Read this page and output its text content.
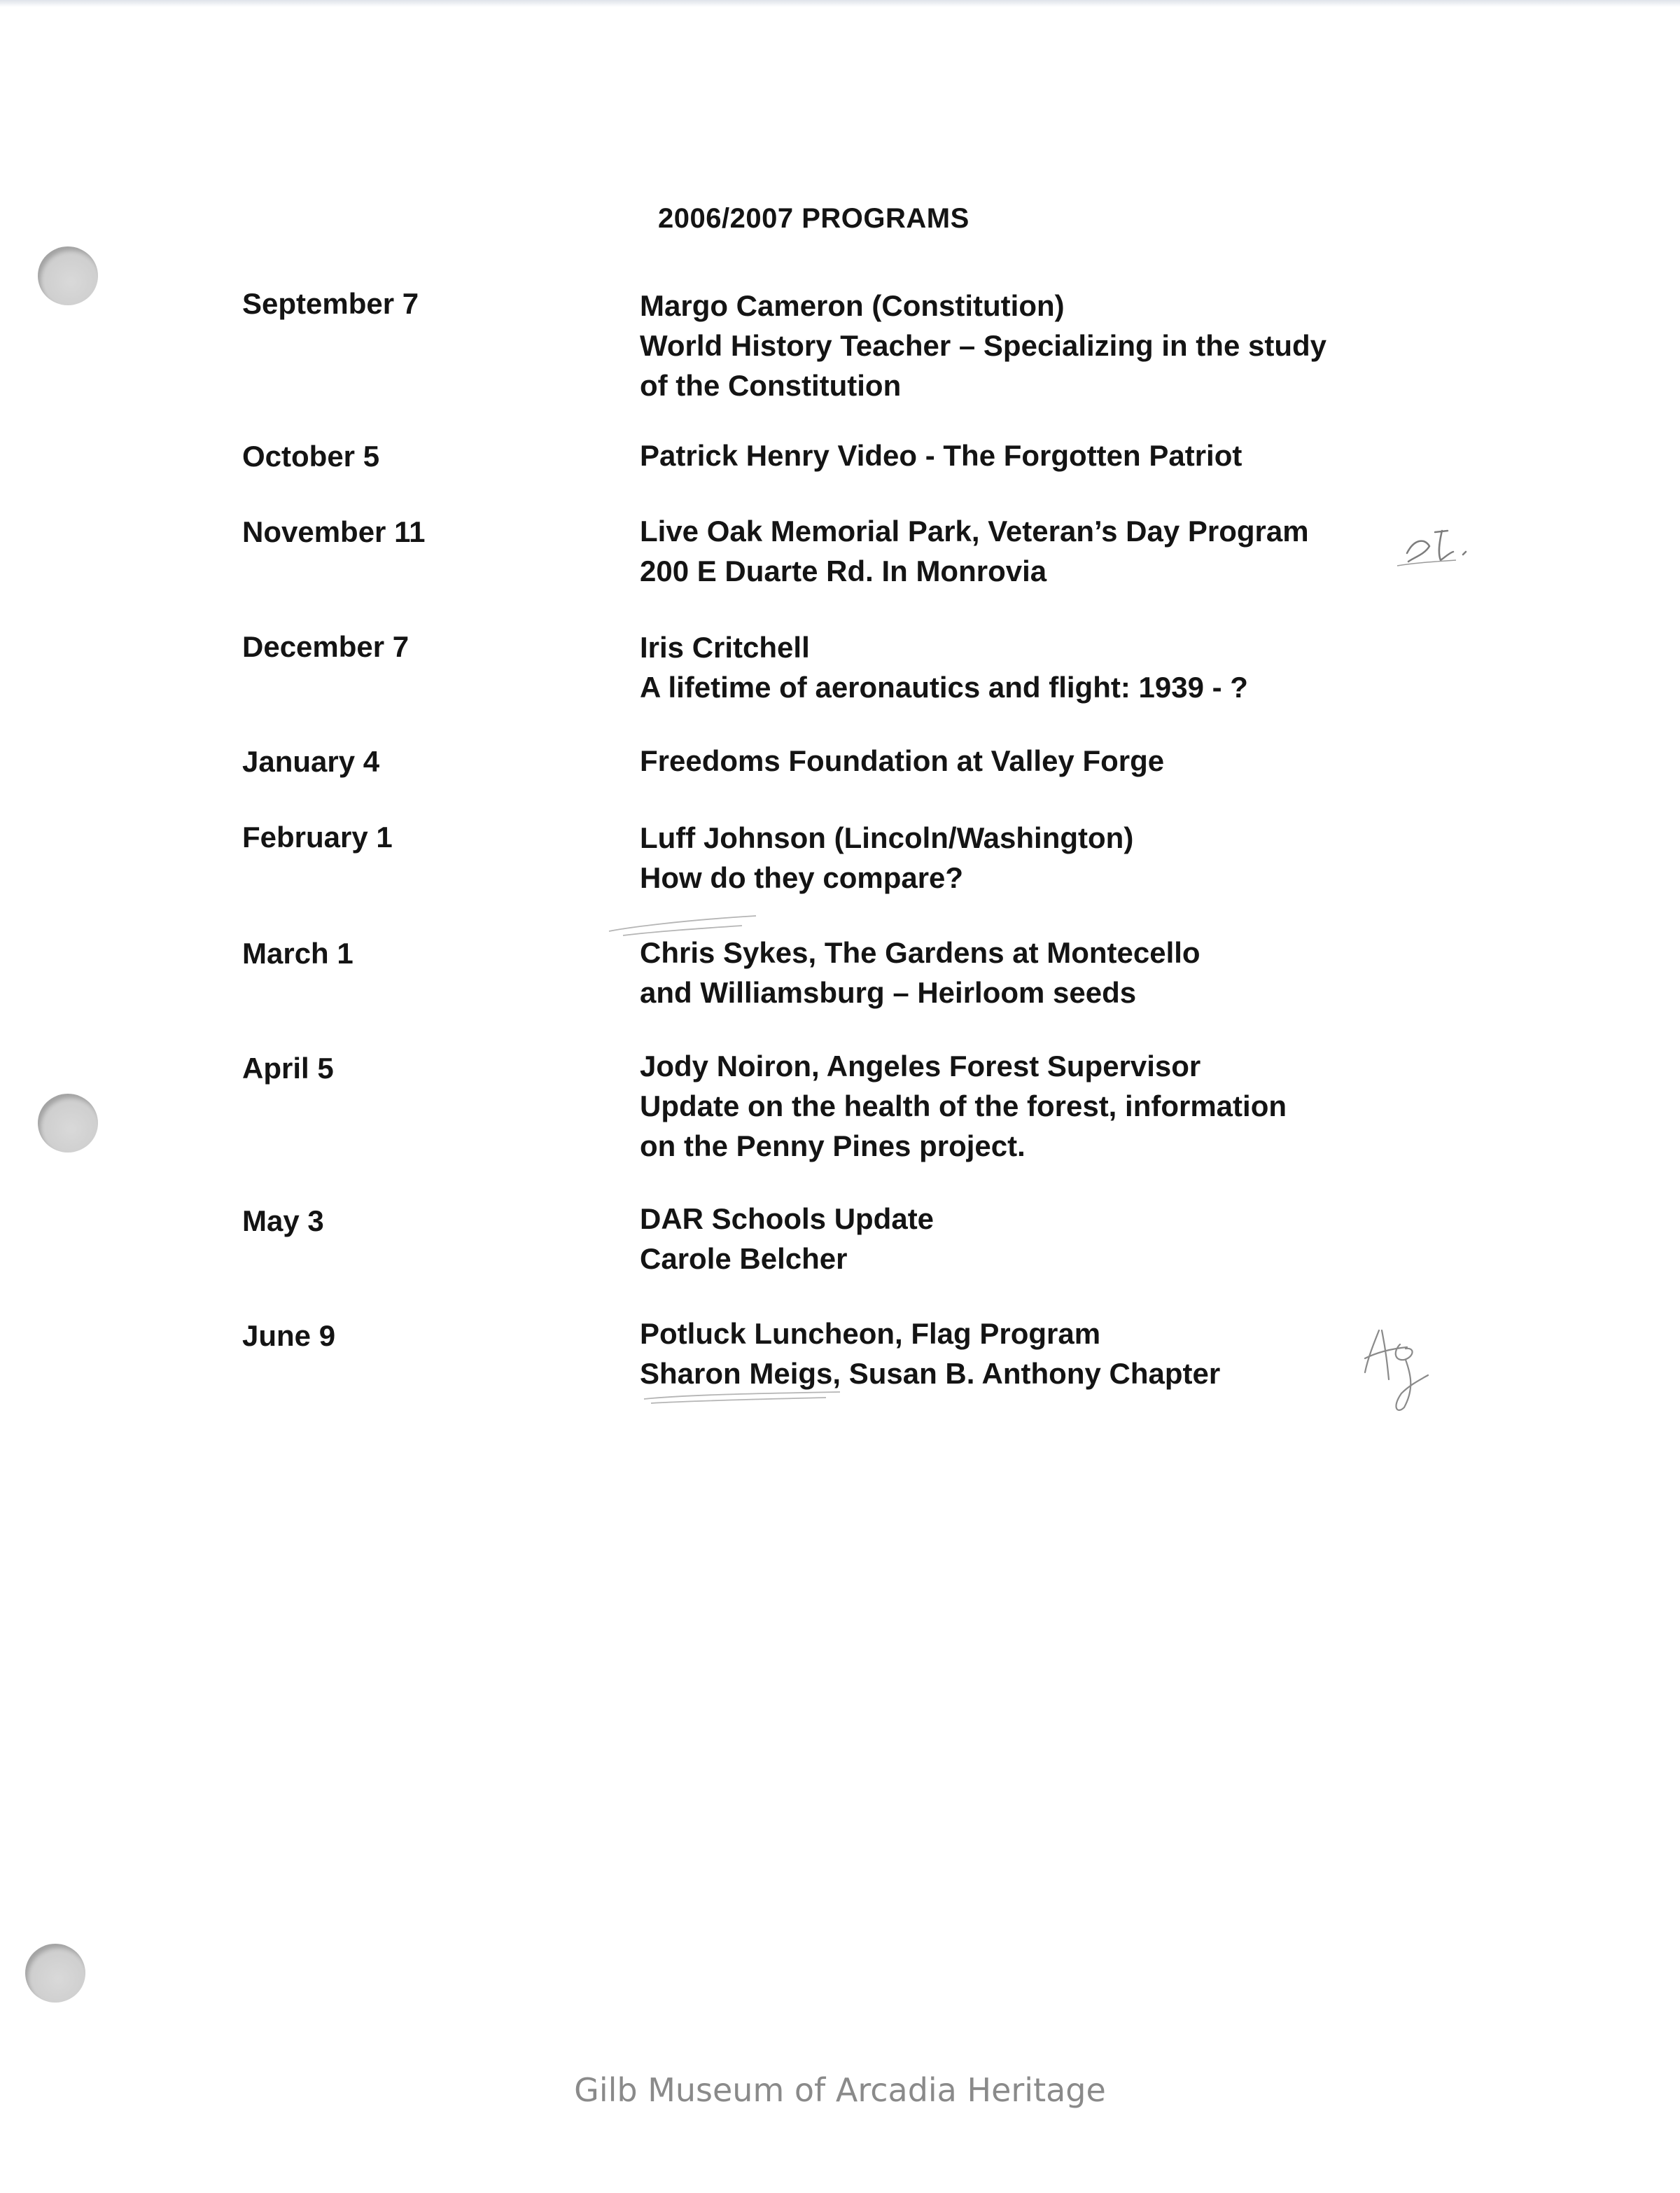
2006/2007 PROGRAMS
September 7	Margo Cameron (Constitution)
World History Teacher – Specializing in the study
of the Constitution
October 5	Patrick Henry Video - The Forgotten Patriot
November 11	Live Oak Memorial Park, Veteran’s Day Program
200 E Duarte Rd. In Monrovia
December 7	Iris Critchell
A lifetime of aeronautics and flight: 1939 - ?
January 4	Freedoms Foundation at Valley Forge
February 1	Luff Johnson (Lincoln/Washington)
How do they compare?
March 1	Chris Sykes, The Gardens at Montecello
and Williamsburg – Heirloom seeds
April 5	Jody Noiron, Angeles Forest Supervisor
Update on the health of the forest, information
on the Penny Pines project.
May 3	DAR Schools Update
Carole Belcher
June 9	Potluck Luncheon, Flag Program
Sharon Meigs, Susan B. Anthony Chapter
Gilb Museum of Arcadia Heritage
